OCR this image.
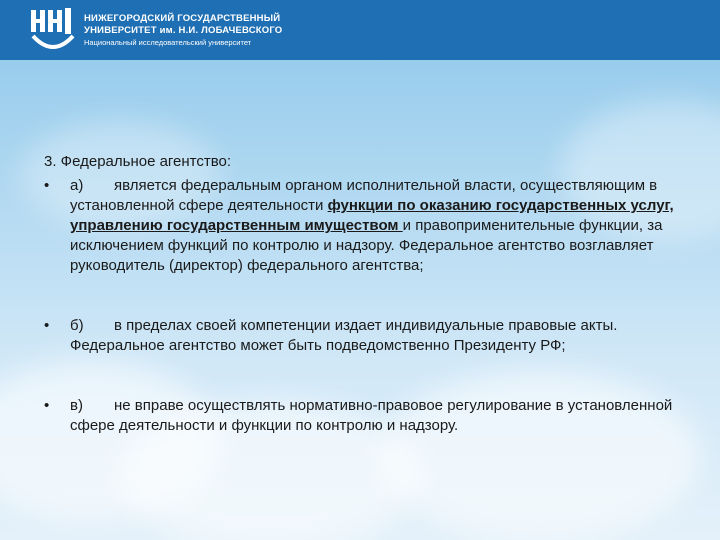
НИЖЕГОРОДСКИЙ ГОСУДАРСТВЕННЫЙ
УНИВЕРСИТЕТ им. Н.И. ЛОБАЧЕВСКОГО
Национальный исследовательский университет
3. Федеральное агентство:
•	а) является федеральным органом исполнительной власти, осуществляющим в установленной сфере деятельности функции по оказанию государственных услуг, управлению государственным имуществом и правоприменительные функции, за исключением функций по контролю и надзору. Федеральное агентство возглавляет руководитель (директор) федерального агентства;
•	б) в пределах своей компетенции издает индивидуальные правовые акты. Федеральное агентство может быть подведомственно Президенту РФ;
•	в) не вправе осуществлять нормативно-правовое регулирование в установленной сфере деятельности и функции по контролю и надзору.
